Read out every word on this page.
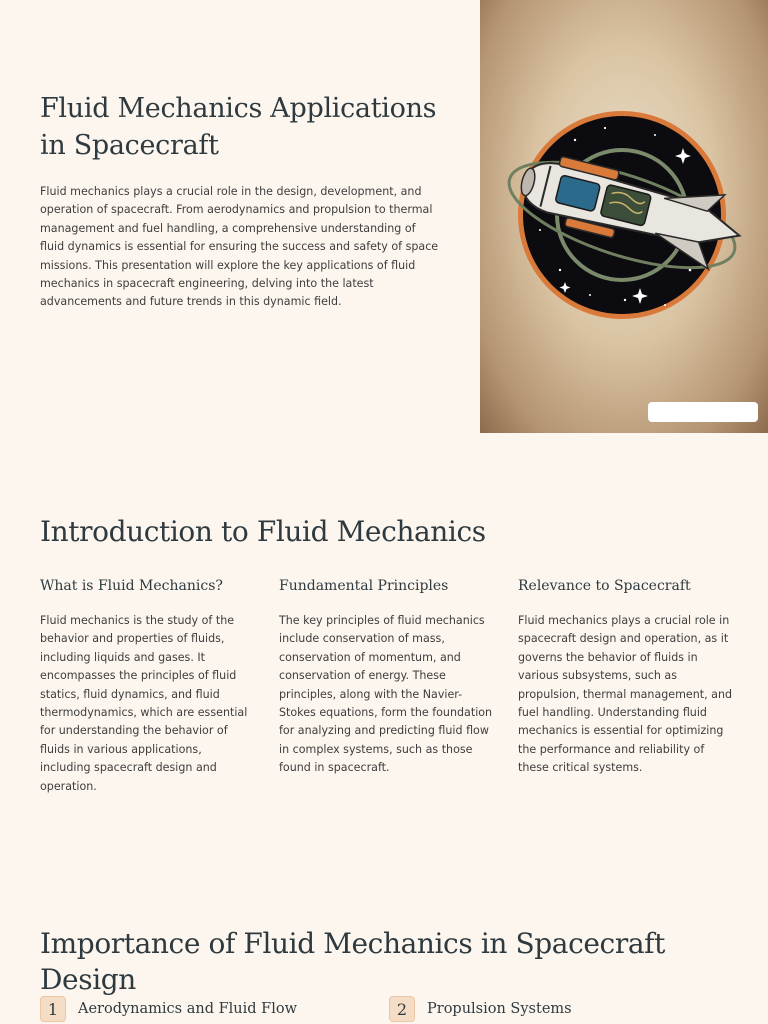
Fluid Mechanics Applications in Spacecraft

Fluid mechanics plays a crucial role in the design, development, and operation of spacecraft. From aerodynamics and propulsion to thermal management and fuel handling, a comprehensive understanding of fluid dynamics is essential for ensuring the success and safety of space missions. This presentation will explore the key applications of fluid mechanics in spacecraft engineering, delving into the latest advancements and future trends in this dynamic field.

Introduction to Fluid Mechanics
What is Fluid Mechanics?

Fluid mechanics is the study of the behavior and properties of fluids, including liquids and gases. It encompasses the principles of fluid statics, fluid dynamics, and fluid thermodynamics, which are essential for understanding the behavior of fluids in various applications, including spacecraft design and operation.

Fundamental Principles

The key principles of fluid mechanics include conservation of mass, conservation of momentum, and conservation of energy. These principles, along with the Navier-Stokes equations, form the foundation for analyzing and predicting fluid flow in complex systems, such as those found in spacecraft.

Relevance to Spacecraft

Fluid mechanics plays a crucial role in spacecraft design and operation, as it governs the behavior of fluids in various subsystems, such as propulsion, thermal management, and fuel handling. Understanding fluid mechanics is essential for optimizing the performance and reliability of these critical systems.

Importance of Fluid Mechanics in Spacecraft Design
1	Aerodynamics and Fluid Flow	2	Propulsion Systems
